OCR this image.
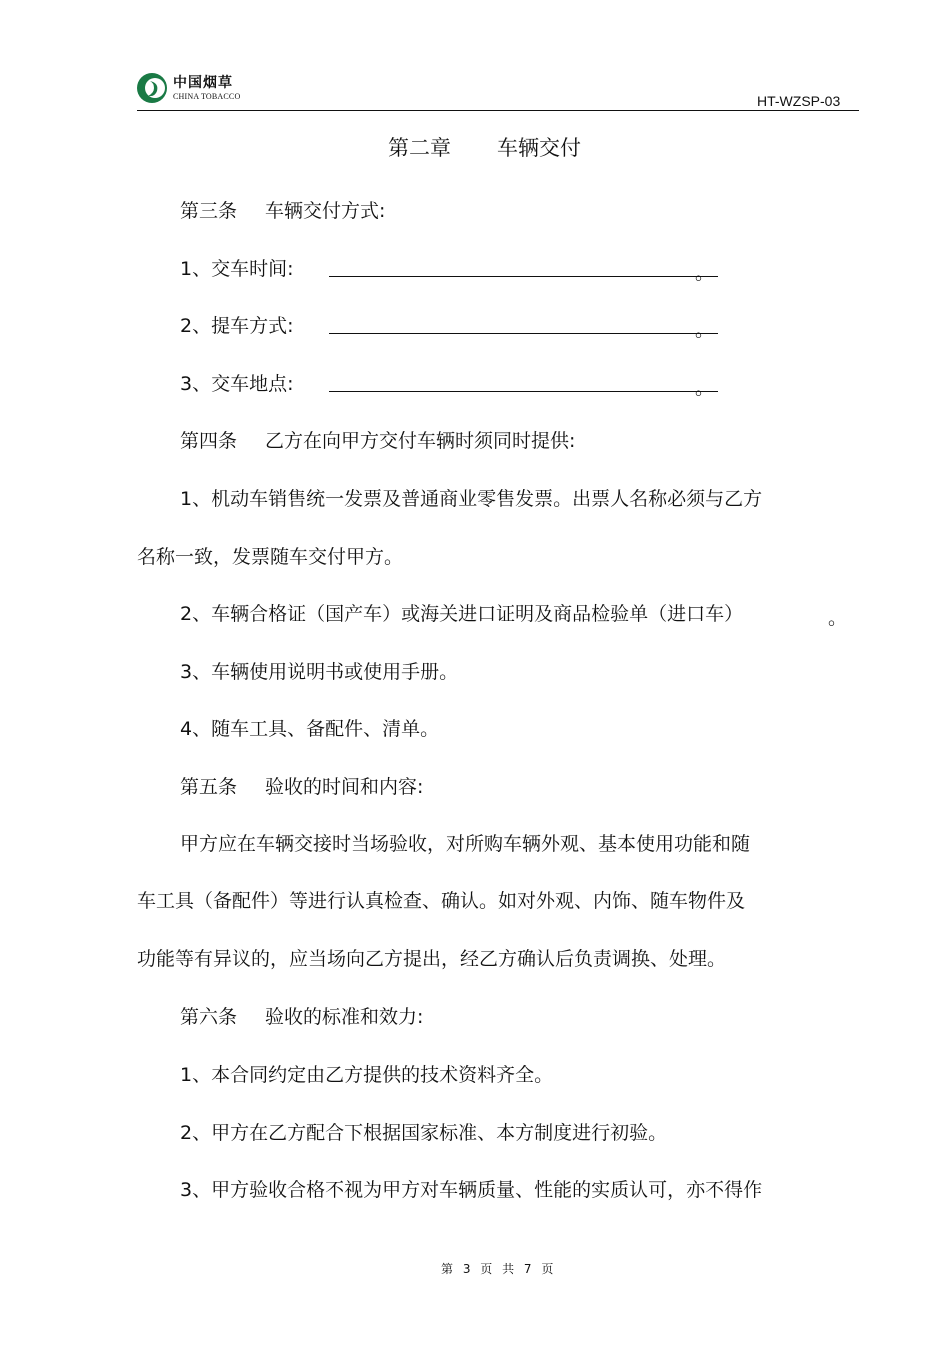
中国烟草
CHINA TOBACCO	HT-WZSP-03
第二章 车辆交付
第三条 车辆交付方式:
1、交车时间:	。
2、提车方式:	。
3、交车地点:	。
第四条 乙方在向甲方交付车辆时须同时提供:
1、机动车销售统一发票及普通商业零售发票。出票人名称必须与乙方
名称一致，发票随车交付甲方。
2、车辆合格证（国产车）或海关进口证明及商品检验单（进口车）	。
3、车辆使用说明书或使用手册。
4、随车工具、备配件、清单。
第五条 验收的时间和内容:
甲方应在车辆交接时当场验收，对所购车辆外观、基本使用功能和随
车工具（备配件）等进行认真检查、确认。如对外观、内饰、随车物件及
功能等有异议的，应当场向乙方提出，经乙方确认后负责调换、处理。
第六条 验收的标准和效力:
1、本合同约定由乙方提供的技术资料齐全。
2、甲方在乙方配合下根据国家标准、本方制度进行初验。
3、甲方验收合格不视为甲方对车辆质量、性能的实质认可，亦不得作
第 3 页 共 7 页
